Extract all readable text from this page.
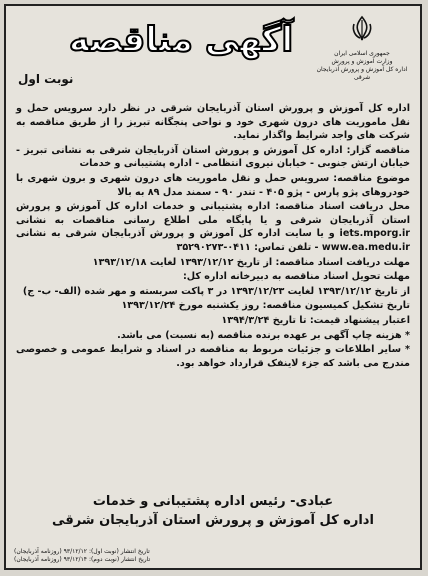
جمهوری اسلامی ایران
وزارت آموزش و پرورش
اداره کل آموزش و پرورش آذربایجان شرقی
آگهی مناقصه
نوبت اول

اداره کل آموزش و پرورش استان آذربایجان شرقی در نظر دارد سرویس حمل و نقل ماموریت های درون شهری خود و نواحی پنجگانه تبریز را از طریق مناقصه به شرکت های واجد شرایط واگذار نماید.

مناقصه گزار: اداره کل آموزش و پرورش استان آذربایجان شرقی به نشانی تبریز - خیابان ارتش جنوبی - خیابان نیروی انتظامی - اداره پشتیبانی و خدمات

موضوع مناقصه: سرویس حمل و نقل ماموریت های درون شهری و برون شهری با خودروهای پژو پارس - پژو ۴۰۵ - تندر ۹۰ - سمند مدل ۸۹ به بالا

محل دریافت اسناد مناقصه: اداره پشتیبانی و خدمات اداره کل آموزش و پرورش استان آذربایجان شرقی و یا پایگاه ملی اطلاع رسانی مناقصات به نشانی iets.mporg.ir و یا سایت اداره کل آموزش و پرورش آذربایجان شرقی به نشانی www.ea.medu.ir - تلفن تماس: ۰۴۱۱-۳۵۲۹۰۲۷۳

مهلت دریافت اسناد مناقصه: از تاریخ ۱۳۹۳/۱۲/۱۲ لغایت ۱۳۹۳/۱۲/۱۸

مهلت تحویل اسناد مناقصه به دبیرخانه اداره کل:

از تاریخ ۱۳۹۳/۱۲/۱۲ لغایت ۱۳۹۳/۱۲/۲۳ در ۳ پاکت سربسته و مهر شده (الف- ب- ج)

تاریخ تشکیل کمیسیون مناقصه: روز یکشنبه مورخ ۱۳۹۳/۱۲/۲۴

اعتبار پیشنهاد قیمت: تا تاریخ ۱۳۹۴/۳/۲۴

* هزینه چاپ آگهی بر عهده برنده مناقصه (به نسبت) می باشد.

* سایر اطلاعات و جزئیات مربوط به مناقصه در اسناد و شرایط عمومی و خصوصی مندرج می باشد که جزء لاینفک قرارداد خواهد بود.

عبادی- رئیس اداره پشتیبانی و خدمات
اداره کل آموزش و پرورش استان آذربایجان شرقی
تاریخ انتشار (نوبت اول): ۹۳/۱۲/۱۲ (روزنامه آذربایجان)
تاریخ انتشار (نوبت دوم): ۹۳/۱۲/۱۴ (روزنامه آذربایجان)
